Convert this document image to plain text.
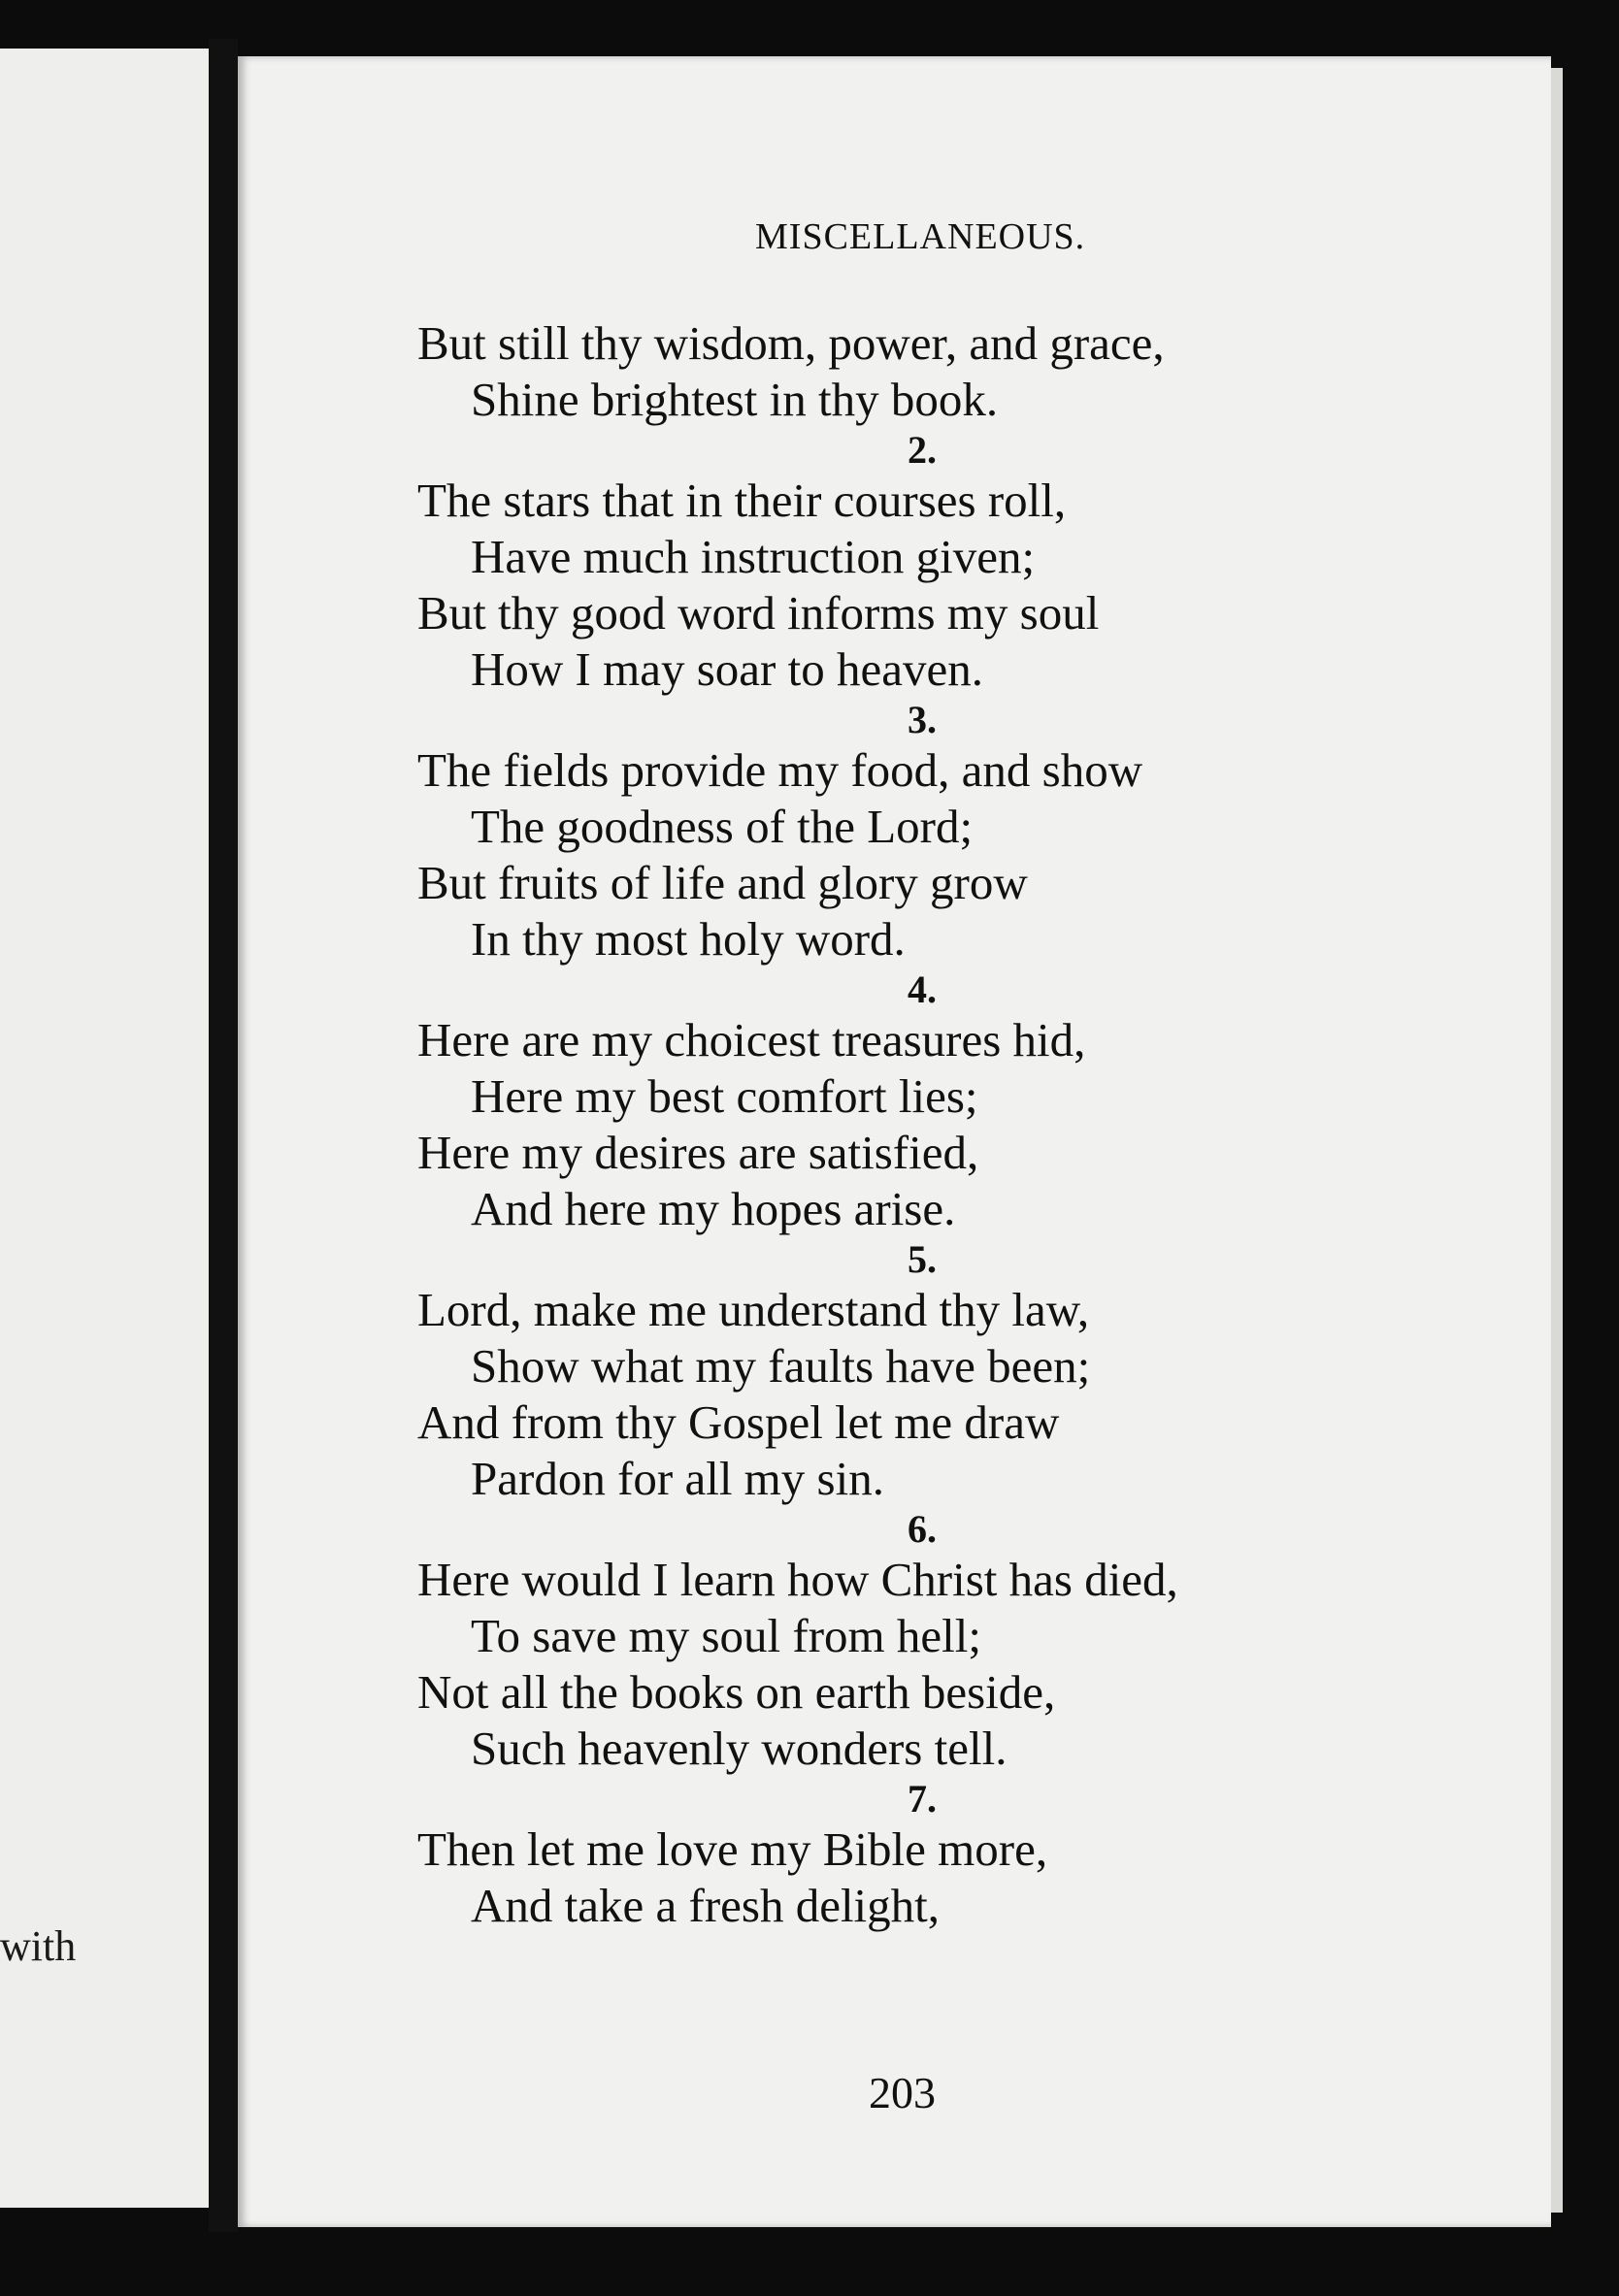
with
MISCELLANEOUS.
But still thy wisdom, power, and grace,
Shine brightest in thy book.
2.
The stars that in their courses roll,
Have much instruction given;
But thy good word informs my soul
How I may soar to heaven.
3.
The fields provide my food, and show
The goodness of the Lord;
But fruits of life and glory grow
In thy most holy word.
4.
Here are my choicest treasures hid,
Here my best comfort lies;
Here my desires are satisfied,
And here my hopes arise.
5.
Lord, make me understand thy law,
Show what my faults have been;
And from thy Gospel let me draw
Pardon for all my sin.
6.
Here would I learn how Christ has died,
To save my soul from hell;
Not all the books on earth beside,
Such heavenly wonders tell.
7.
Then let me love my Bible more,
And take a fresh delight,
203
